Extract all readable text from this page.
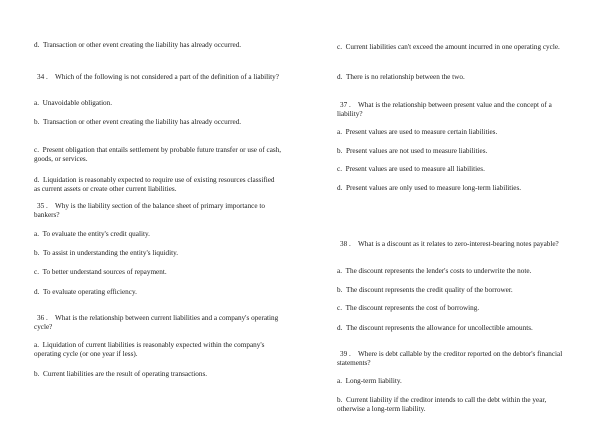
d.  Transaction or other event creating the liability has already occurred.

34 .    Which of the following is not considered a part of the definition of a liability?

a.  Unavoidable obligation.

b.  Transaction or other event creating the liability has already occurred.

c.  Present obligation that entails settlement by probable future transfer or use of cash, goods, or services.

d.  Liquidation is reasonably expected to require use of existing resources classified as current assets or create other current liabilities.

35 .    Why is the liability section of the balance sheet of primary importance to bankers?

a.  To evaluate the entity's credit quality.

b.  To assist in understanding the entity's liquidity.

c.  To better understand sources of repayment.

d.  To evaluate operating efficiency.

36 .    What is the relationship between current liabilities and a company's operating cycle?

a.  Liquidation of current liabilities is reasonably expected within the company's operating cycle (or one year if less).

b.  Current liabilities are the result of operating transactions.

c.  Current liabilities can't exceed the amount incurred in one operating cycle.

d.  There is no relationship between the two.

37 .    What is the relationship between present value and the concept of a liability?

a.  Present values are used to measure certain liabilities.

b.  Present values are not used to measure liabilities.

c.  Present values are used to measure all liabilities.

d.  Present values are only used to measure long-term liabilities.

38 .    What is a discount as it relates to zero-interest-bearing notes payable?

a.  The discount represents the lender's costs to underwrite the note.

b.  The discount represents the credit quality of the borrower.

c.  The discount represents the cost of borrowing.

d.  The discount represents the allowance for uncollectible amounts.

39 .    Where is debt callable by the creditor reported on the debtor's financial statements?

a.  Long-term liability.

b.  Current liability if the creditor intends to call the debt within the year, otherwise a long-term liability.
